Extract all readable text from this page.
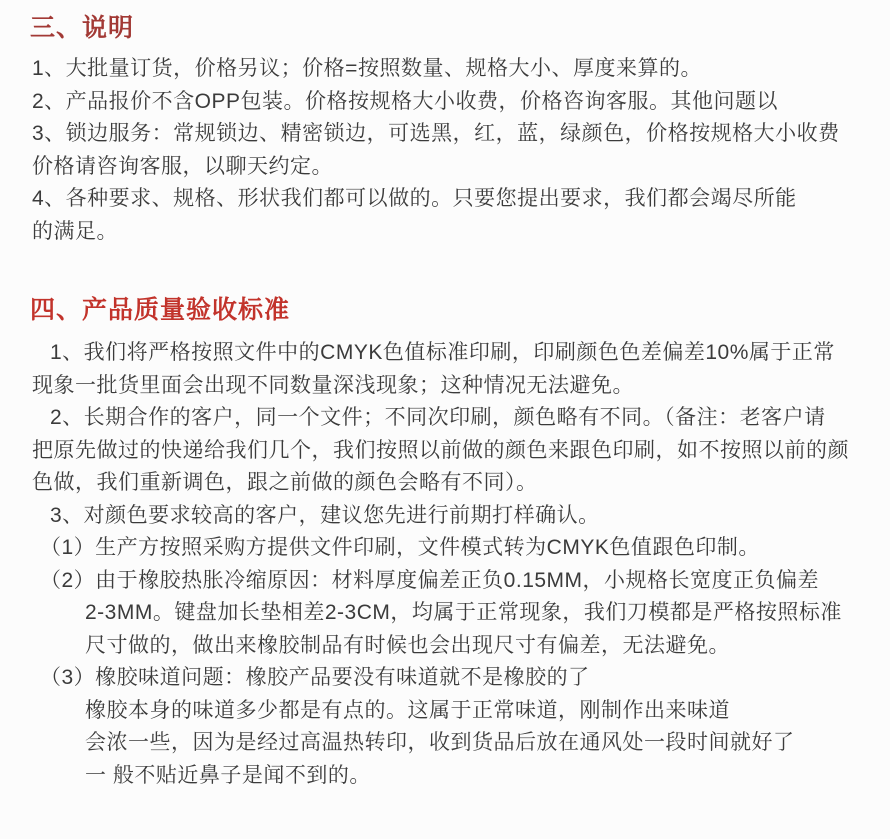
三、说明
1、大批量订货，价格另议；价格=按照数量、规格大小、厚度来算的。
2、产品报价不含OPP包装。价格按规格大小收费，价格咨询客服。其他问题以
3、锁边服务：常规锁边、精密锁边，可选黑，红，蓝，绿颜色，价格按规格大小收费
价格请咨询客服，以聊天约定。
4、各种要求、规格、形状我们都可以做的。只要您提出要求，我们都会竭尽所能
的满足。
四、产品质量验收标准
1、我们将严格按照文件中的CMYK色值标准印刷，印刷颜色色差偏差10%属于正常
现象一批货里面会出现不同数量深浅现象；这种情况无法避免。
2、长期合作的客户，同一个文件；不同次印刷，颜色略有不同。（备注：老客户请
把原先做过的快递给我们几个，我们按照以前做的颜色来跟色印刷，如不按照以前的颜
色做，我们重新调色，跟之前做的颜色会略有不同）。
3、对颜色要求较高的客户，建议您先进行前期打样确认。
（1）生产方按照采购方提供文件印刷，文件模式转为CMYK色值跟色印制。
（2）由于橡胶热胀冷缩原因：材料厚度偏差正负0.15MM，小规格长宽度正负偏差
2-3MM。键盘加长垫相差2-3CM，均属于正常现象，我们刀模都是严格按照标准
尺寸做的，做出来橡胶制品有时候也会出现尺寸有偏差，无法避免。
（3）橡胶味道问题：橡胶产品要没有味道就不是橡胶的了
橡胶本身的味道多少都是有点的。这属于正常味道，刚制作出来味道
会浓一些，因为是经过高温热转印，收到货品后放在通风处一段时间就好了
一 般不贴近鼻子是闻不到的。
